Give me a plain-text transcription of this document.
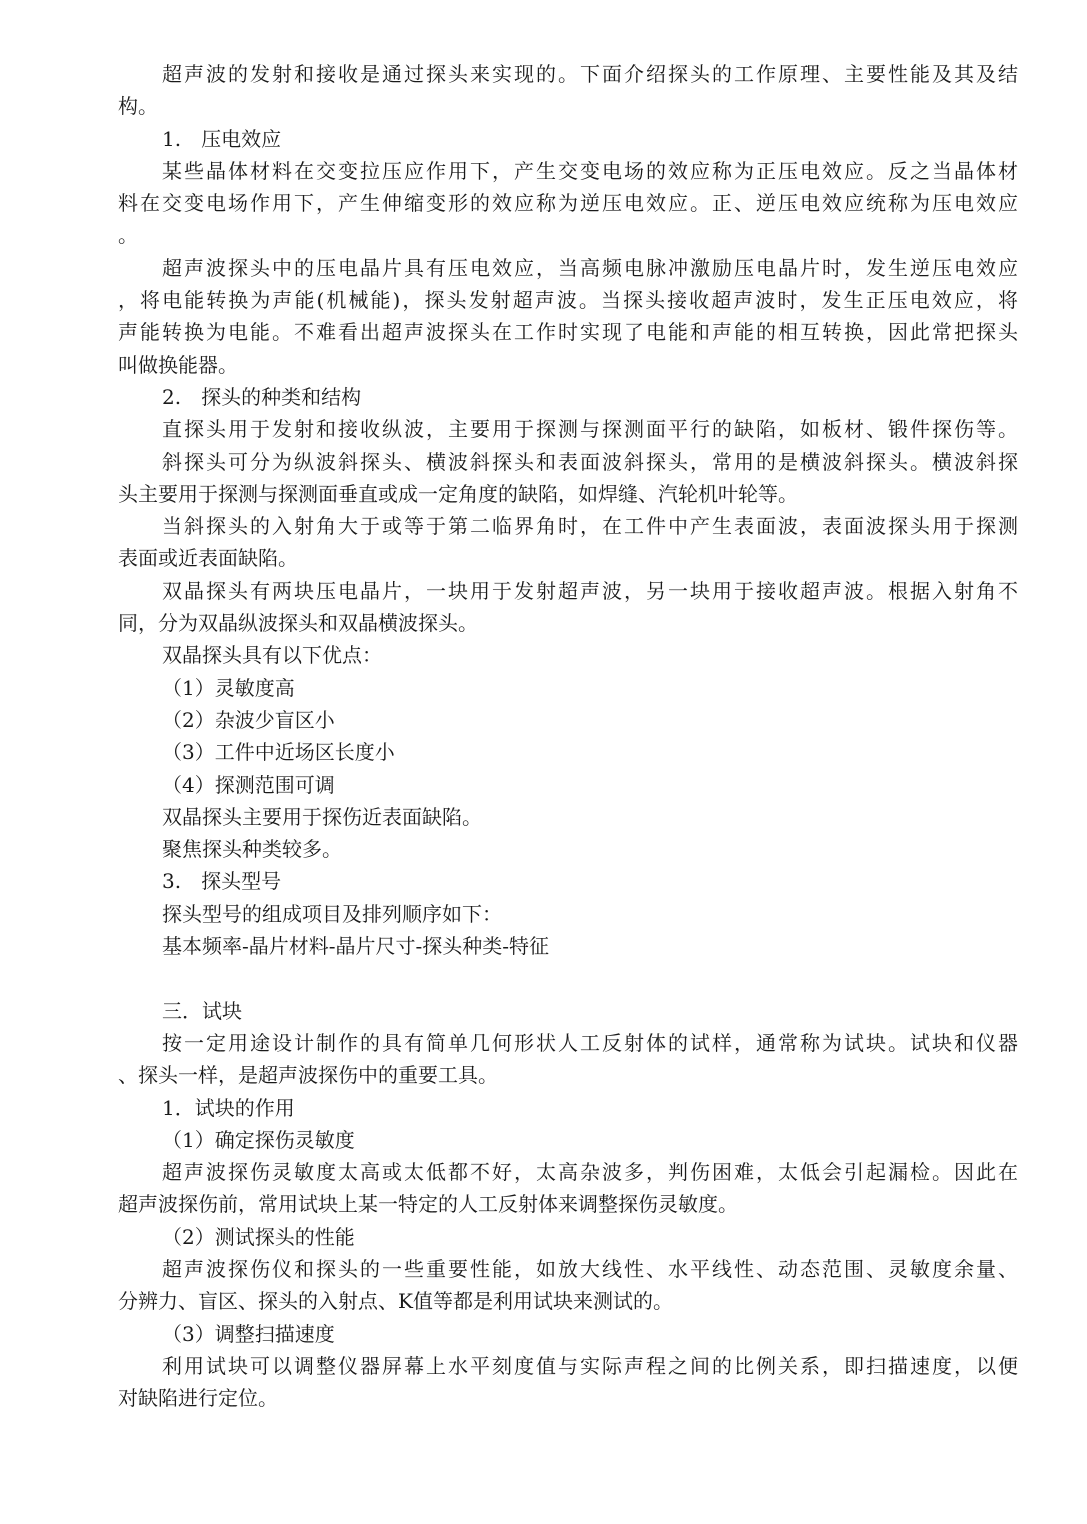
超声波的发射和接收是通过探头来实现的。下面介绍探头的工作原理、主要性能及其及结
构。
1.　压电效应
某些晶体材料在交变拉压应作用下，产生交变电场的效应称为正压电效应。反之当晶体材
料在交变电场作用下，产生伸缩变形的效应称为逆压电效应。正、逆压电效应统称为压电效应
。
超声波探头中的压电晶片具有压电效应，当高频电脉冲激励压电晶片时，发生逆压电效应
，将电能转换为声能(机械能)，探头发射超声波。当探头接收超声波时，发生正压电效应，将
声能转换为电能。不难看出超声波探头在工作时实现了电能和声能的相互转换，因此常把探头
叫做换能器。
2.　探头的种类和结构
直探头用于发射和接收纵波，主要用于探测与探测面平行的缺陷，如板材、锻件探伤等。
斜探头可分为纵波斜探头、横波斜探头和表面波斜探头，常用的是横波斜探头。横波斜探
头主要用于探测与探测面垂直或成一定角度的缺陷，如焊缝、汽轮机叶轮等。
当斜探头的入射角大于或等于第二临界角时，在工件中产生表面波，表面波探头用于探测
表面或近表面缺陷。
双晶探头有两块压电晶片，一块用于发射超声波，另一块用于接收超声波。根据入射角不
同，分为双晶纵波探头和双晶横波探头。
双晶探头具有以下优点：
（1）灵敏度高
（2）杂波少盲区小
（3）工件中近场区长度小
（4）探测范围可调
双晶探头主要用于探伤近表面缺陷。
聚焦探头种类较多。
3.　探头型号
探头型号的组成项目及排列顺序如下：
基本频率-晶片材料-晶片尺寸-探头种类-特征
三．试块
按一定用途设计制作的具有简单几何形状人工反射体的试样，通常称为试块。试块和仪器
、探头一样，是超声波探伤中的重要工具。
1．试块的作用
（1）确定探伤灵敏度
超声波探伤灵敏度太高或太低都不好，太高杂波多，判伤困难，太低会引起漏检。因此在
超声波探伤前，常用试块上某一特定的人工反射体来调整探伤灵敏度。
（2）测试探头的性能
超声波探伤仪和探头的一些重要性能，如放大线性、水平线性、动态范围、灵敏度余量、
分辨力、盲区、探头的入射点、K值等都是利用试块来测试的。
（3）调整扫描速度
利用试块可以调整仪器屏幕上水平刻度值与实际声程之间的比例关系，即扫描速度，以便
对缺陷进行定位。
